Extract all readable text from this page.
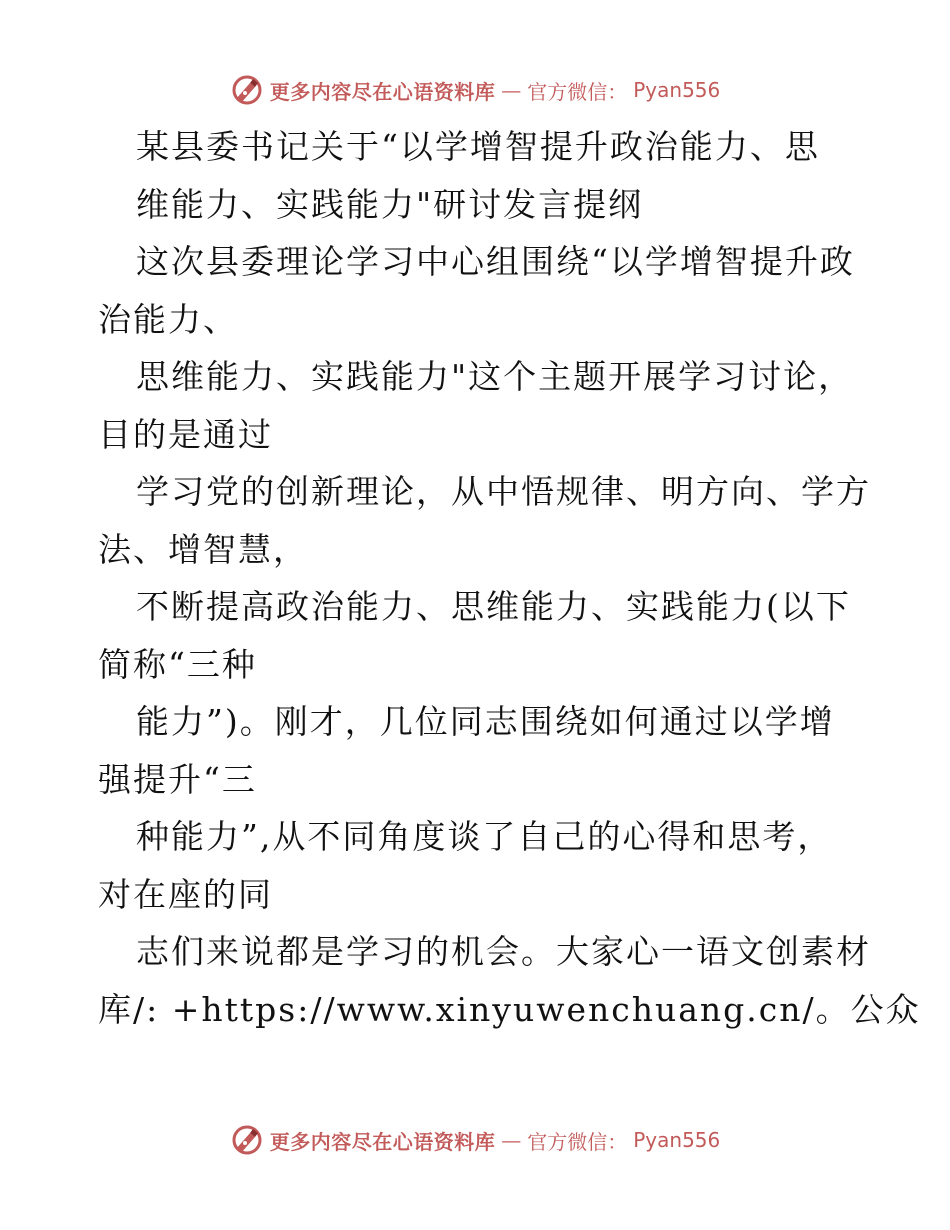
更多内容尽在心语资料库 — 官方微信： Pyan556
某县委书记关于“以学增智提升政治能力、思
维能力、实践能力"研讨发言提纲
这次县委理论学习中心组围绕“以学增智提升政
治能力、
思维能力、实践能力"这个主题开展学习讨论，
目的是通过
学习党的创新理论，从中悟规律、明方向、学方
法、增智慧，
不断提高政治能力、思维能力、实践能力(以下
简称“三种
能力”)。刚才，几位同志围绕如何通过以学增
强提升“三
种能力”,从不同角度谈了自己的心得和思考，
对在座的同
志们来说都是学习的机会。大家心一语文创素材
库/: +https://www.xinyuwenchuang.cn/。公众
更多内容尽在心语资料库 — 官方微信： Pyan556
